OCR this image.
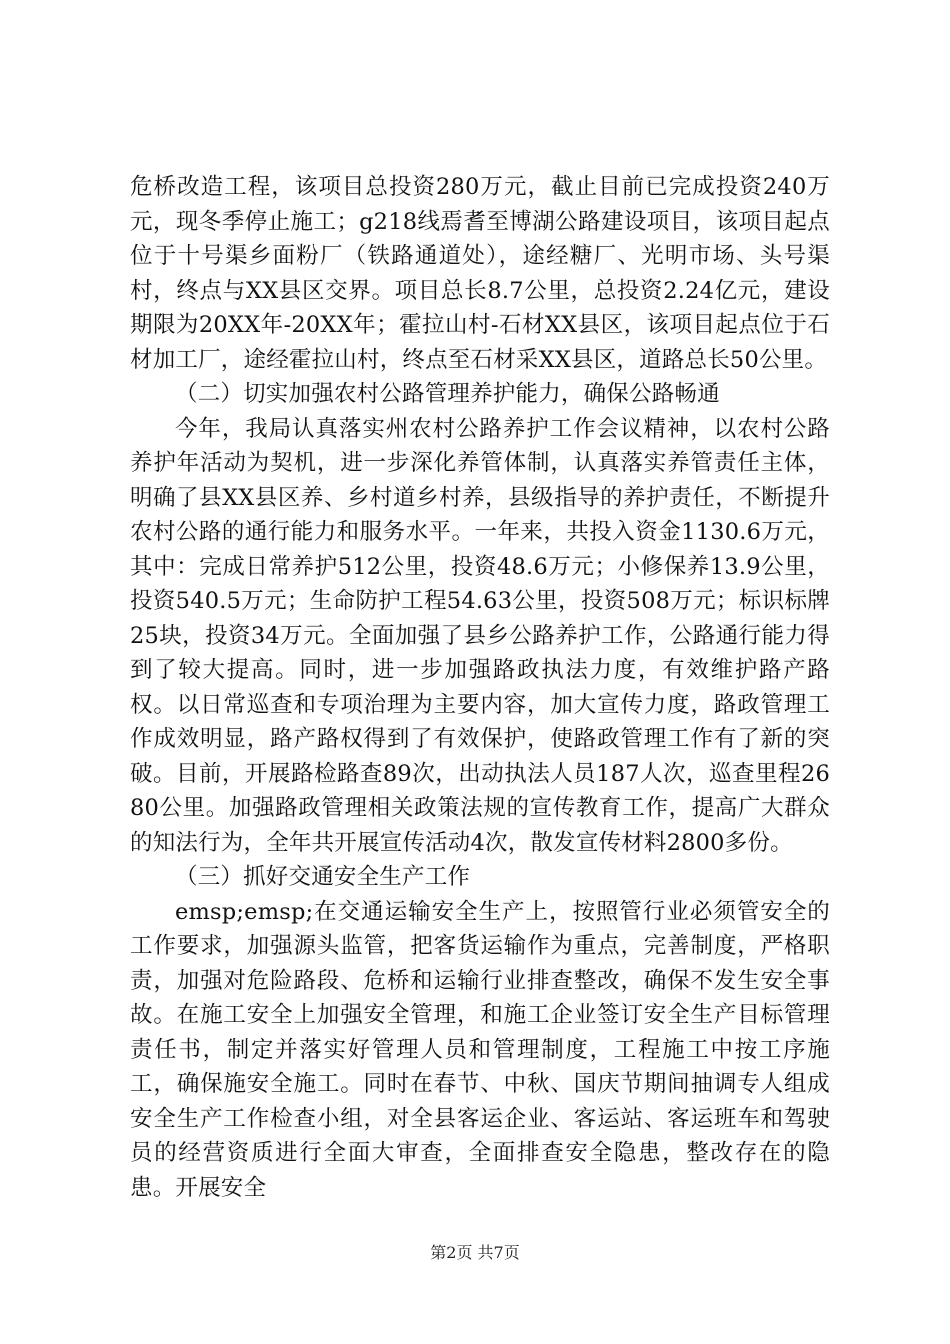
危桥改造工程，该项目总投资280万元，截止目前已完成投资240万元，现冬季停止施工；g218线焉耆至博湖公路建设项目，该项目起点位于十号渠乡面粉厂（铁路通道处），途经糖厂、光明市场、头号渠村，终点与XX县区交界。项目总长8.7公里，总投资2.24亿元，建设期限为20XX年-20XX年；霍拉山村-石材XX县区，该项目起点位于石材加工厂，途经霍拉山村，终点至石材采XX县区，道路总长50公里。

（二）切实加强农村公路管理养护能力，确保公路畅通

今年，我局认真落实州农村公路养护工作会议精神，以农村公路养护年活动为契机，进一步深化养管体制，认真落实养管责任主体，明确了县XX县区养、乡村道乡村养，县级指导的养护责任，不断提升农村公路的通行能力和服务水平。一年来，共投入资金1130.6万元，其中：完成日常养护512公里，投资48.6万元；小修保养13.9公里，投资540.5万元；生命防护工程54.63公里，投资508万元；标识标牌25块，投资34万元。全面加强了县乡公路养护工作，公路通行能力得到了较大提高。同时，进一步加强路政执法力度，有效维护路产路权。以日常巡查和专项治理为主要内容，加大宣传力度，路政管理工作成效明显，路产路权得到了有效保护，使路政管理工作有了新的突破。目前，开展路检路查89次，出动执法人员187人次，巡查里程2680公里。加强路政管理相关政策法规的宣传教育工作，提高广大群众的知法行为，全年共开展宣传活动4次，散发宣传材料2800多份。

（三）抓好交通安全生产工作

emsp;emsp;在交通运输安全生产上，按照管行业必须管安全的工作要求，加强源头监管，把客货运输作为重点，完善制度，严格职责，加强对危险路段、危桥和运输行业排查整改，确保不发生安全事故。在施工安全上加强安全管理，和施工企业签订安全生产目标管理责任书，制定并落实好管理人员和管理制度，工程施工中按工序施工，确保施安全施工。同时在春节、中秋、国庆节期间抽调专人组成安全生产工作检查小组，对全县客运企业、客运站、客运班车和驾驶员的经营资质进行全面大审查，全面排查安全隐患，整改存在的隐患。开展安全

第2页 共7页
